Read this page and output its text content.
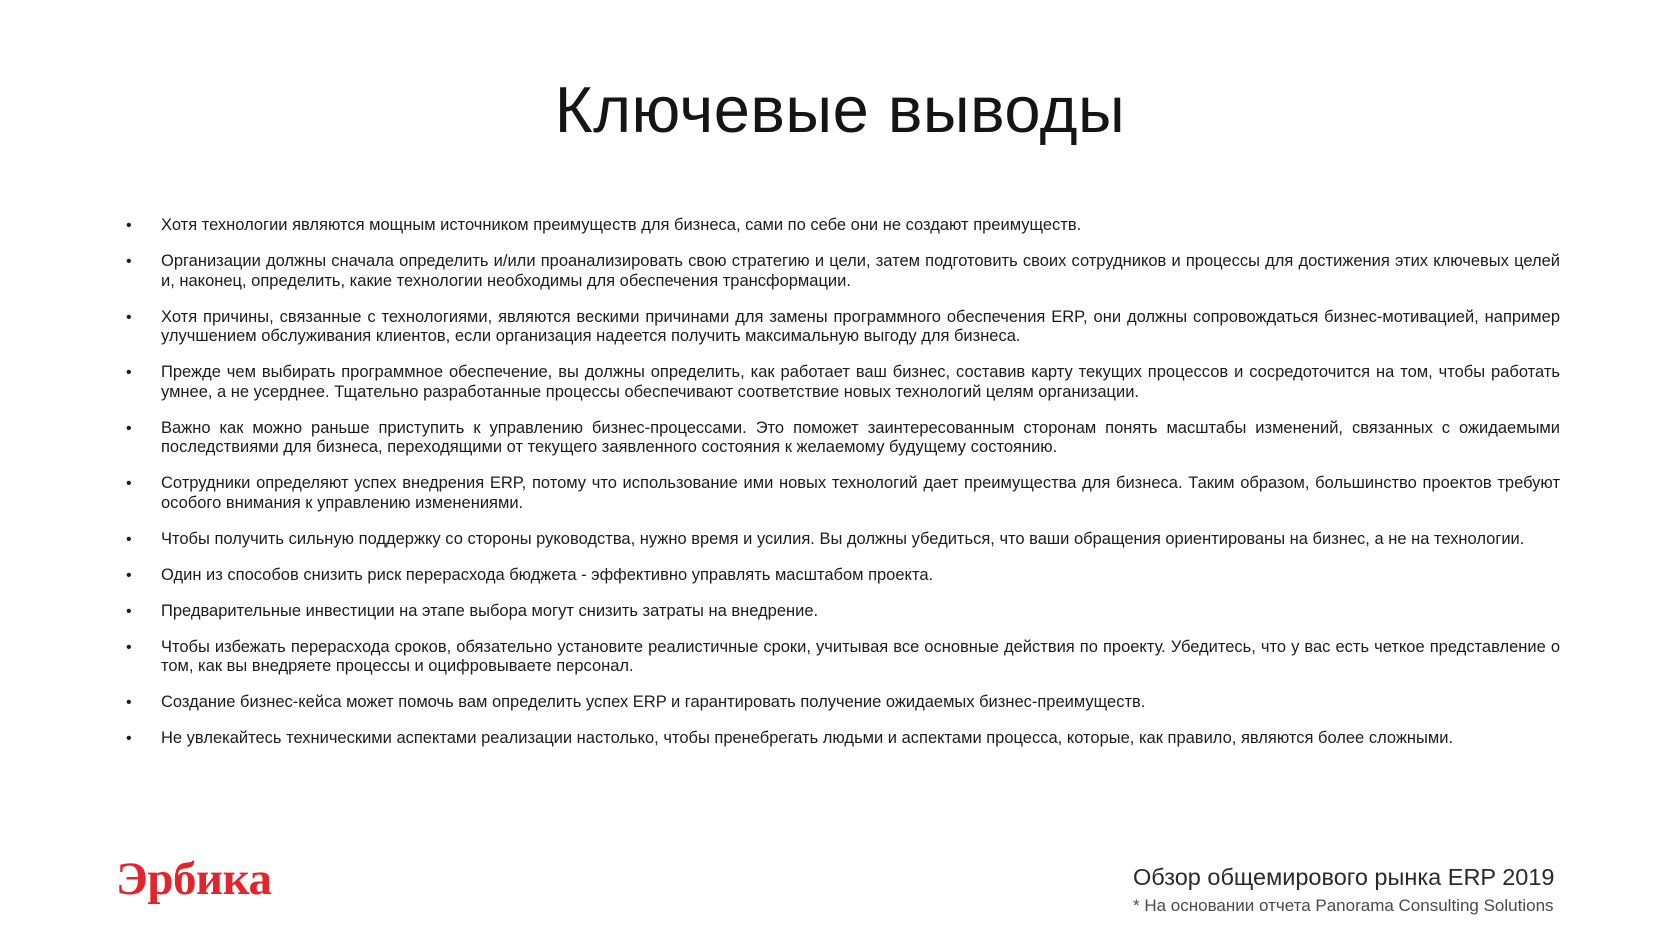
Ключевые выводы
• Хотя технологии являются мощным источником преимуществ для бизнеса, сами по себе они не создают преимуществ.
• Организации должны сначала определить и/или проанализировать свою стратегию и цели, затем подготовить своих сотрудников и процессы для достижения этих ключевых целей и, наконец, определить, какие технологии необходимы для обеспечения трансформации.
• Хотя причины, связанные с технологиями, являются вескими причинами для замены программного обеспечения ERP, они должны сопровождаться бизнес-мотивацией, например улучшением обслуживания клиентов, если организация надеется получить максимальную выгоду для бизнеса.
• Прежде чем выбирать программное обеспечение, вы должны определить, как работает ваш бизнес, составив карту текущих процессов и сосредоточится на том, чтобы работать умнее, а не усерднее. Тщательно разработанные процессы обеспечивают соответствие новых технологий целям организации.
• Важно как можно раньше приступить к управлению бизнес-процессами. Это поможет заинтересованным сторонам понять масштабы изменений, связанных с ожидаемыми последствиями для бизнеса, переходящими от текущего заявленного состояния к желаемому будущему состоянию.
• Сотрудники определяют успех внедрения ERP, потому что использование ими новых технологий дает преимущества для бизнеса. Таким образом, большинство проектов требуют особого внимания к управлению изменениями.
• Чтобы получить сильную поддержку со стороны руководства, нужно время и усилия. Вы должны убедиться, что ваши обращения ориентированы на бизнес, а не на технологии.
• Один из способов снизить риск перерасхода бюджета - эффективно управлять масштабом проекта.
• Предварительные инвестиции на этапе выбора могут снизить затраты на внедрение.
• Чтобы избежать перерасхода сроков, обязательно установите реалистичные сроки, учитывая все основные действия по проекту. Убедитесь, что у вас есть четкое представление о том, как вы внедряете процессы и оцифровываете персонал.
• Создание бизнес-кейса может помочь вам определить успех ERP и гарантировать получение ожидаемых бизнес-преимуществ.
• Не увлекайтесь техническими аспектами реализации настолько, чтобы пренебрегать людьми и аспектами процесса, которые, как правило, являются более сложными.
Эрбика	Обзор общемирового рынка ERP 2019
* На основании отчета Panorama Consulting Solutions
